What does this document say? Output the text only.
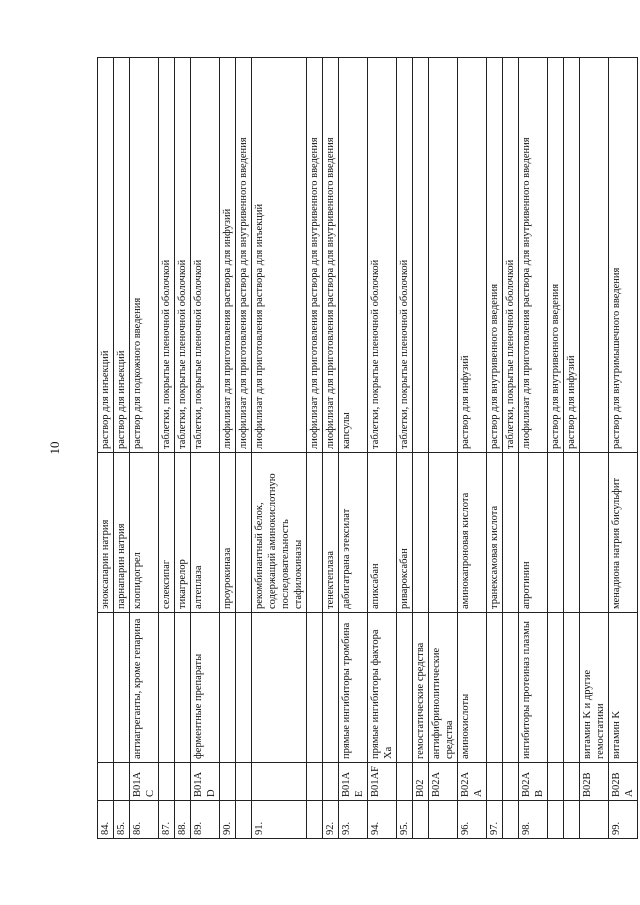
10
84.			эноксапарин натрия	раствор для инъекций
85.			парнапарин натрия	раствор для инъекций
86.	B01AC	антиагреганты, кроме гепарина	клопидогрел	раствор для подкожного введения
87.			селексипаг	таблетки, покрытые пленочной оболочкой
88.			тикагрелор	таблетки, покрытые пленочной оболочкой
89.	B01AD	ферментные препараты	алтеплаза	таблетки, покрытые пленочной оболочкой
90.			проурокиназа	лиофилизат для приготовления раствора для инфузий
				лиофилизат для приготовления раствора для внутривенного введения
91.			рекомбинантный белок, содержащий аминокислотную последовательность стафилокиназы	лиофилизат для приготовления раствора для инъекций
				лиофилизат для приготовления раствора для внутривенного введения
92.			тенектеплаза	лиофилизат для приготовления раствора для внутривенного введения
93.	B01AE	прямые ингибиторы тромбина	дабигатрана этексилат	капсулы
94.	B01AF	прямые ингибиторы фактора Xa	апиксабан	таблетки, покрытые пленочной оболочкой
95.			ривароксабан	таблетки, покрытые пленочной оболочкой
	B02	гемостатические средства		
	B02A	антифибринолитические средства		
96.	B02AA	аминокислоты	аминокапроновая кислота	раствор для инфузий
97.			транексамовая кислота	раствор для внутривенного введения
				таблетки, покрытые пленочной оболочкой
98.	B02AB	ингибиторы протеиназ плазмы	апротинин	лиофилизат для приготовления раствора для внутривенного введения
				раствор для внутривенного введения
				раствор для инфузий
	B02B	витамин K и другие гемостатики		
99.	B02BA	витамин K	менадиона натрия бисульфит	раствор для внутримышечного введения
